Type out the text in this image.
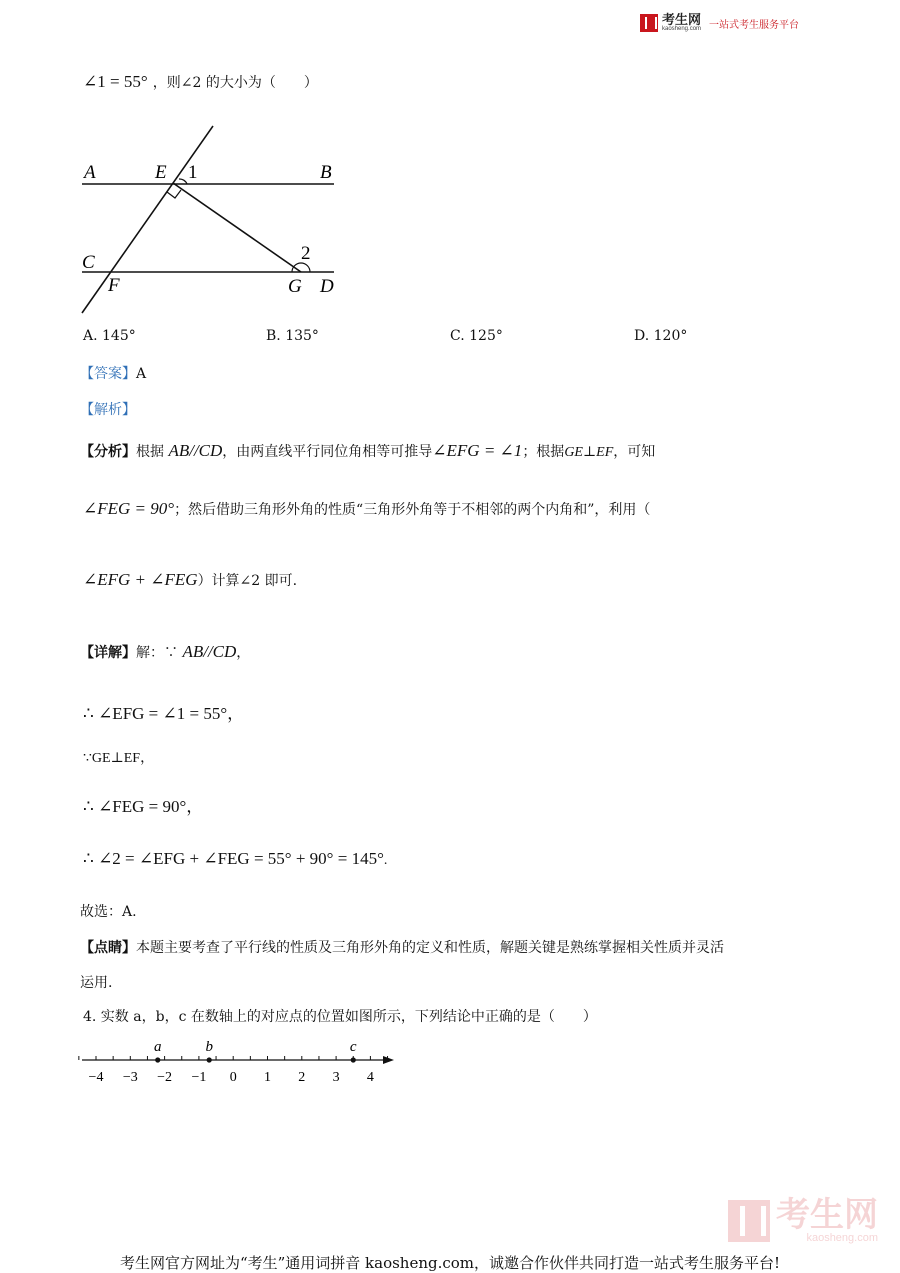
考生网
kaosheng.com 一站式考生服务平台
∠1 = 55° ，则∠2 的大小为（　　）
A	E	B
C
F	G D
1
2
A. 145°	B. 135°	C. 125°	D. 120°
【答案】A
【解析】
【分析】根据 AB//CD，由两直线平行同位角相等可推导∠EFG = ∠1；根据GE⊥EF，可知
∠FEG = 90°；然后借助三角形外角的性质“三角形外角等于不相邻的两个内角和”，利用（
∠EFG + ∠FEG）计算∠2 即可.
【详解】解：∵ AB//CD，
∴ ∠EFG = ∠1 = 55°，
∵GE⊥EF，
∴ ∠FEG = 90°，
∴ ∠2 = ∠EFG + ∠FEG = 55° + 90° = 145°.
故选：A.
【点睛】本题主要考查了平行线的性质及三角形外角的定义和性质，解题关键是熟练掌握相关性质并灵活
运用.
4. 实数 a，b，c 在数轴上的对应点的位置如图所示，下列结论中正确的是（　　）
−4 −3 −2 −1 0 1 2 3 4
a	b	c
考生网
kaosheng.com
考生网官方网址为“考生”通用词拼音 kaosheng.com，诚邀合作伙伴共同打造一站式考生服务平台!
